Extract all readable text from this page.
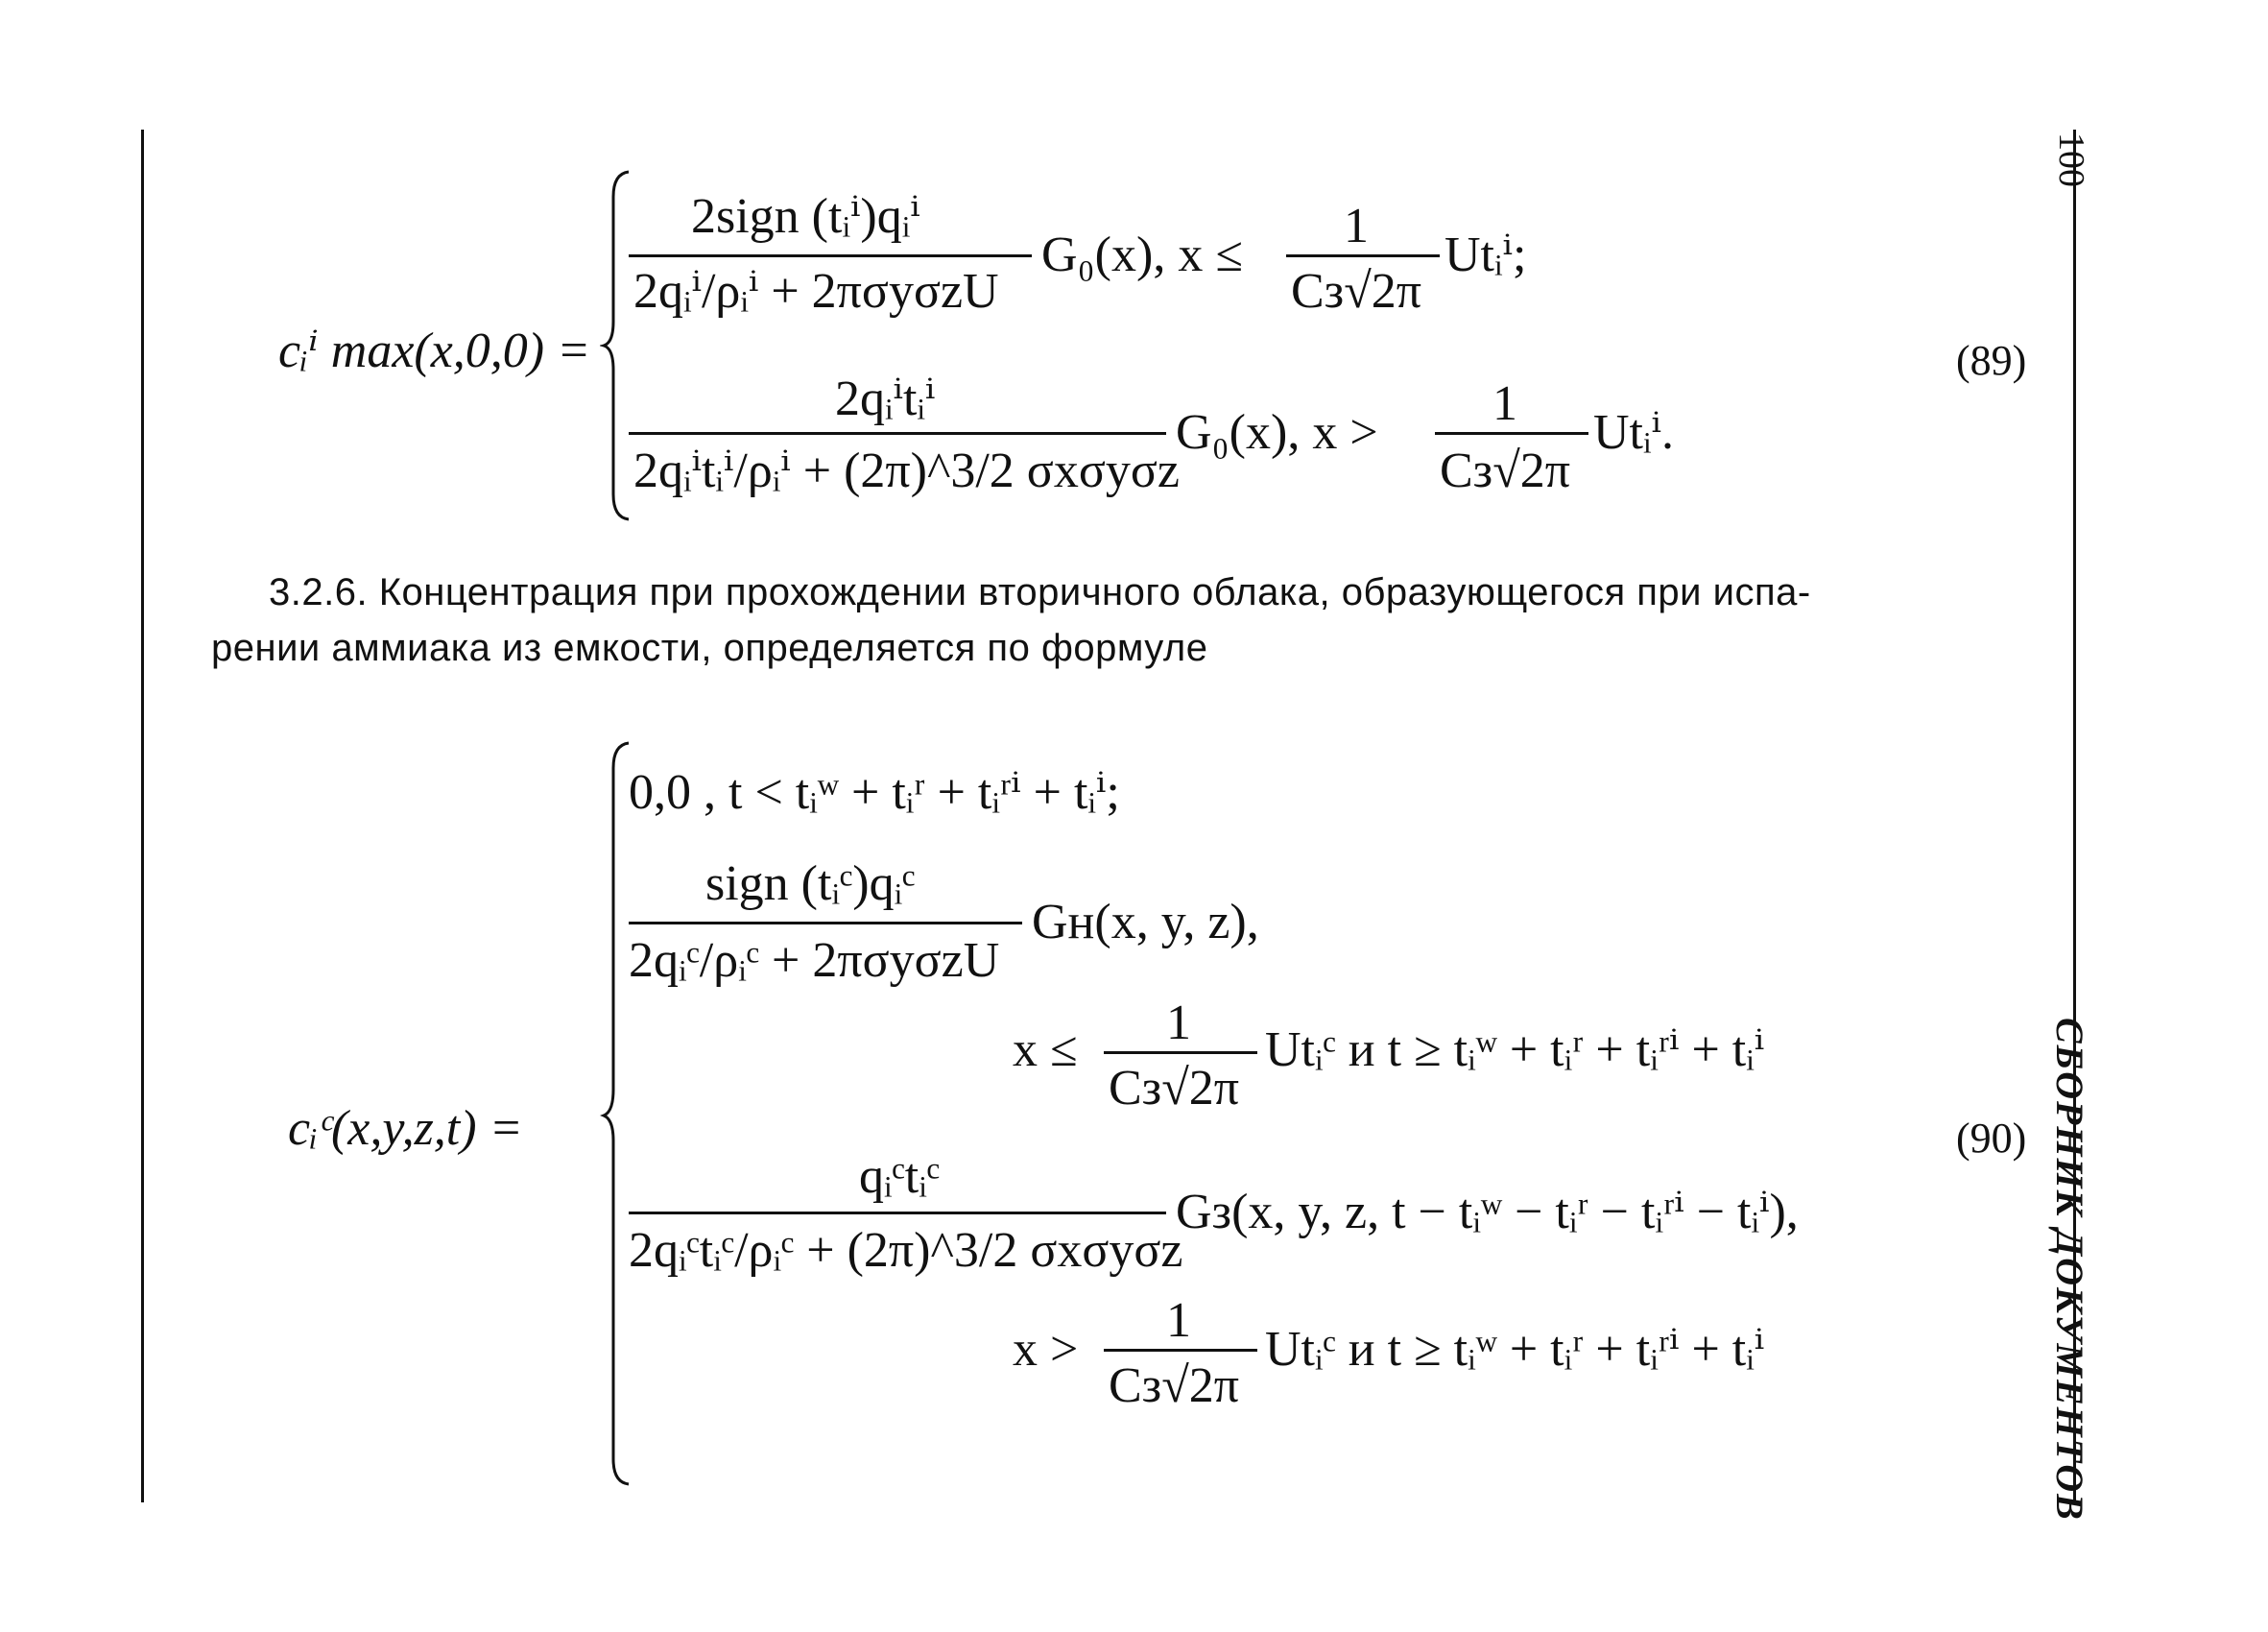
100
СБОРНИК ДОКУМЕНТОВ
cᵢⁱ max(x,0,0) =
2sign (tᵢⁱ)qᵢⁱ
2qᵢⁱ/ρᵢⁱ + 2πσyσzU
G₀(x), x ≤
1
Cз√2π
Utᵢⁱ;
2qᵢⁱtᵢⁱ
2qᵢⁱtᵢⁱ/ρᵢⁱ + (2π)^3/2 σxσyσz
G₀(x), x >
1
Cз√2π
Utᵢⁱ.
(89)
3.2.6. Концентрация при прохождении вторичного облака, образующегося при испа-
рении аммиака из емкости, определяется по формуле
cᵢᶜ(x,y,z,t) =
0,0 , t < tᵢʷ + tᵢʳ + tᵢʳⁱ + tᵢⁱ;
sign (tᵢᶜ)qᵢᶜ
2qᵢᶜ/ρᵢᶜ + 2πσyσzU
Gн(x, y, z),
x ≤ 1
Cз√2π
Utᵢᶜ и t ≥ tᵢʷ + tᵢʳ + tᵢʳⁱ + tᵢⁱ
qᵢᶜtᵢᶜ
2qᵢᶜtᵢᶜ/ρᵢᶜ + (2π)^3/2 σxσyσz
Gз(x, y, z, t − tᵢʷ − tᵢʳ − tᵢʳⁱ − tᵢⁱ),
x >
1
Cз√2π
Utᵢᶜ и t ≥ tᵢʷ + tᵢʳ + tᵢʳⁱ + tᵢⁱ
(90)
